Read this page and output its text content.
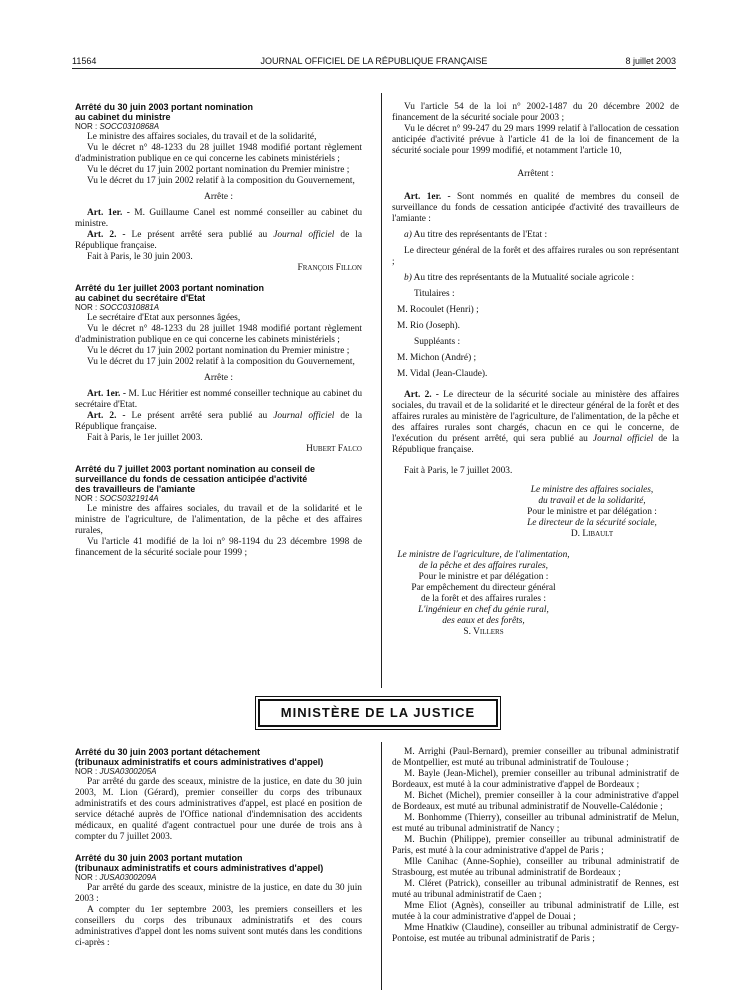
11564	JOURNAL OFFICIEL DE LA RÉPUBLIQUE FRANÇAISE	8 juillet 2003

Arrêté du 30 juin 2003 portant nomination

au cabinet du ministre

NOR : SOCC0310868A

Le ministre des affaires sociales, du travail et de la solidarité,

Vu le décret n° 48-1233 du 28 juillet 1948 modifié portant règlement d'administration publique en ce qui concerne les cabinets ministériels ;

Vu le décret du 17 juin 2002 portant nomination du Premier ministre ;

Vu le décret du 17 juin 2002 relatif à la composition du Gouvernement,

Arrête :

Art. 1er. - M. Guillaume Canel est nommé conseiller au cabinet du ministre.

Art. 2. - Le présent arrêté sera publié au Journal officiel de la République française.

Fait à Paris, le 30 juin 2003.

François Fillon

Arrêté du 1er juillet 2003 portant nomination

au cabinet du secrétaire d'Etat

NOR : SOCC0310881A

Le secrétaire d'Etat aux personnes âgées,

Vu le décret n° 48-1233 du 28 juillet 1948 modifié portant règlement d'administration publique en ce qui concerne les cabinets ministériels ;

Vu le décret du 17 juin 2002 portant nomination du Premier ministre ;

Vu le décret du 17 juin 2002 relatif à la composition du Gouvernement,

Arrête :

Art. 1er. - M. Luc Héritier est nommé conseiller technique au cabinet du secrétaire d'Etat.

Art. 2. - Le présent arrêté sera publié au Journal officiel de la République française.

Fait à Paris, le 1er juillet 2003.

Hubert Falco

Arrêté du 7 juillet 2003 portant nomination au conseil de

surveillance du fonds de cessation anticipée d'activité

des travailleurs de l'amiante

NOR : SOCS0321914A

Le ministre des affaires sociales, du travail et de la solidarité et le ministre de l'agriculture, de l'alimentation, de la pêche et des affaires rurales,

Vu l'article 41 modifié de la loi n° 98-1194 du 23 décembre 1998 de financement de la sécurité sociale pour 1999 ;

Vu l'article 54 de la loi n° 2002-1487 du 20 décembre 2002 de financement de la sécurité sociale pour 2003 ;

Vu le décret n° 99-247 du 29 mars 1999 relatif à l'allocation de cessation anticipée d'activité prévue à l'article 41 de la loi de financement de la sécurité sociale pour 1999 modifié, et notamment l'article 10,

Arrêtent :

Art. 1er. - Sont nommés en qualité de membres du conseil de surveillance du fonds de cessation anticipée d'activité des travailleurs de l'amiante :

a) Au titre des représentants de l'Etat :

Le directeur général de la forêt et des affaires rurales ou son représentant ;

b) Au titre des représentants de la Mutualité sociale agricole :

Titulaires :

M. Rocoulet (Henri) ;

M. Rio (Joseph).

Suppléants :

M. Michon (André) ;

M. Vidal (Jean-Claude).

Art. 2. - Le directeur de la sécurité sociale au ministère des affaires sociales, du travail et de la solidarité et le directeur général de la forêt et des affaires rurales au ministère de l'agriculture, de l'alimentation, de la pêche et des affaires rurales sont chargés, chacun en ce qui le concerne, de l'exécution du présent arrêté, qui sera publié au Journal officiel de la République française.

Fait à Paris, le 7 juillet 2003.

Le ministre des affaires sociales,

du travail et de la solidarité,

Pour le ministre et par délégation :

Le directeur de la sécurité sociale,

D. Libault

Le ministre de l'agriculture, de l'alimentation,

de la pêche et des affaires rurales,

Pour le ministre et par délégation :

Par empêchement du directeur général

de la forêt et des affaires rurales :

L'ingénieur en chef du génie rural,

des eaux et des forêts,

S. Villers

MINISTÈRE DE LA JUSTICE

Arrêté du 30 juin 2003 portant détachement

(tribunaux administratifs et cours administratives d'appel)

NOR : JUSA0300205A

Par arrêté du garde des sceaux, ministre de la justice, en date du 30 juin 2003, M. Lion (Gérard), premier conseiller du corps des tribunaux administratifs et des cours administratives d'appel, est placé en position de service détaché auprès de l'Office national d'indemnisation des accidents médicaux, en qualité d'agent contractuel pour une durée de trois ans à compter du 7 juillet 2003.

Arrêté du 30 juin 2003 portant mutation

(tribunaux administratifs et cours administratives d'appel)

NOR : JUSA0300209A

Par arrêté du garde des sceaux, ministre de la justice, en date du 30 juin 2003 :

A compter du 1er septembre 2003, les premiers conseillers et les conseillers du corps des tribunaux administratifs et des cours administratives d'appel dont les noms suivent sont mutés dans les conditions ci-après :

M. Arrighi (Paul-Bernard), premier conseiller au tribunal administratif de Montpellier, est muté au tribunal administratif de Toulouse ;

M. Bayle (Jean-Michel), premier conseiller au tribunal administratif de Bordeaux, est muté à la cour administrative d'appel de Bordeaux ;

M. Bichet (Michel), premier conseiller à la cour administrative d'appel de Bordeaux, est muté au tribunal administratif de Nouvelle-Calédonie ;

M. Bonhomme (Thierry), conseiller au tribunal administratif de Melun, est muté au tribunal administratif de Nancy ;

M. Buchin (Philippe), premier conseiller au tribunal administratif de Paris, est muté à la cour administrative d'appel de Paris ;

Mlle Canihac (Anne-Sophie), conseiller au tribunal administratif de Strasbourg, est mutée au tribunal administratif de Bordeaux ;

M. Cléret (Patrick), conseiller au tribunal administratif de Rennes, est muté au tribunal administratif de Caen ;

Mme Eliot (Agnès), conseiller au tribunal administratif de Lille, est mutée à la cour administrative d'appel de Douai ;

Mme Hnatkiw (Claudine), conseiller au tribunal administratif de Cergy-Pontoise, est mutée au tribunal administratif de Paris ;
